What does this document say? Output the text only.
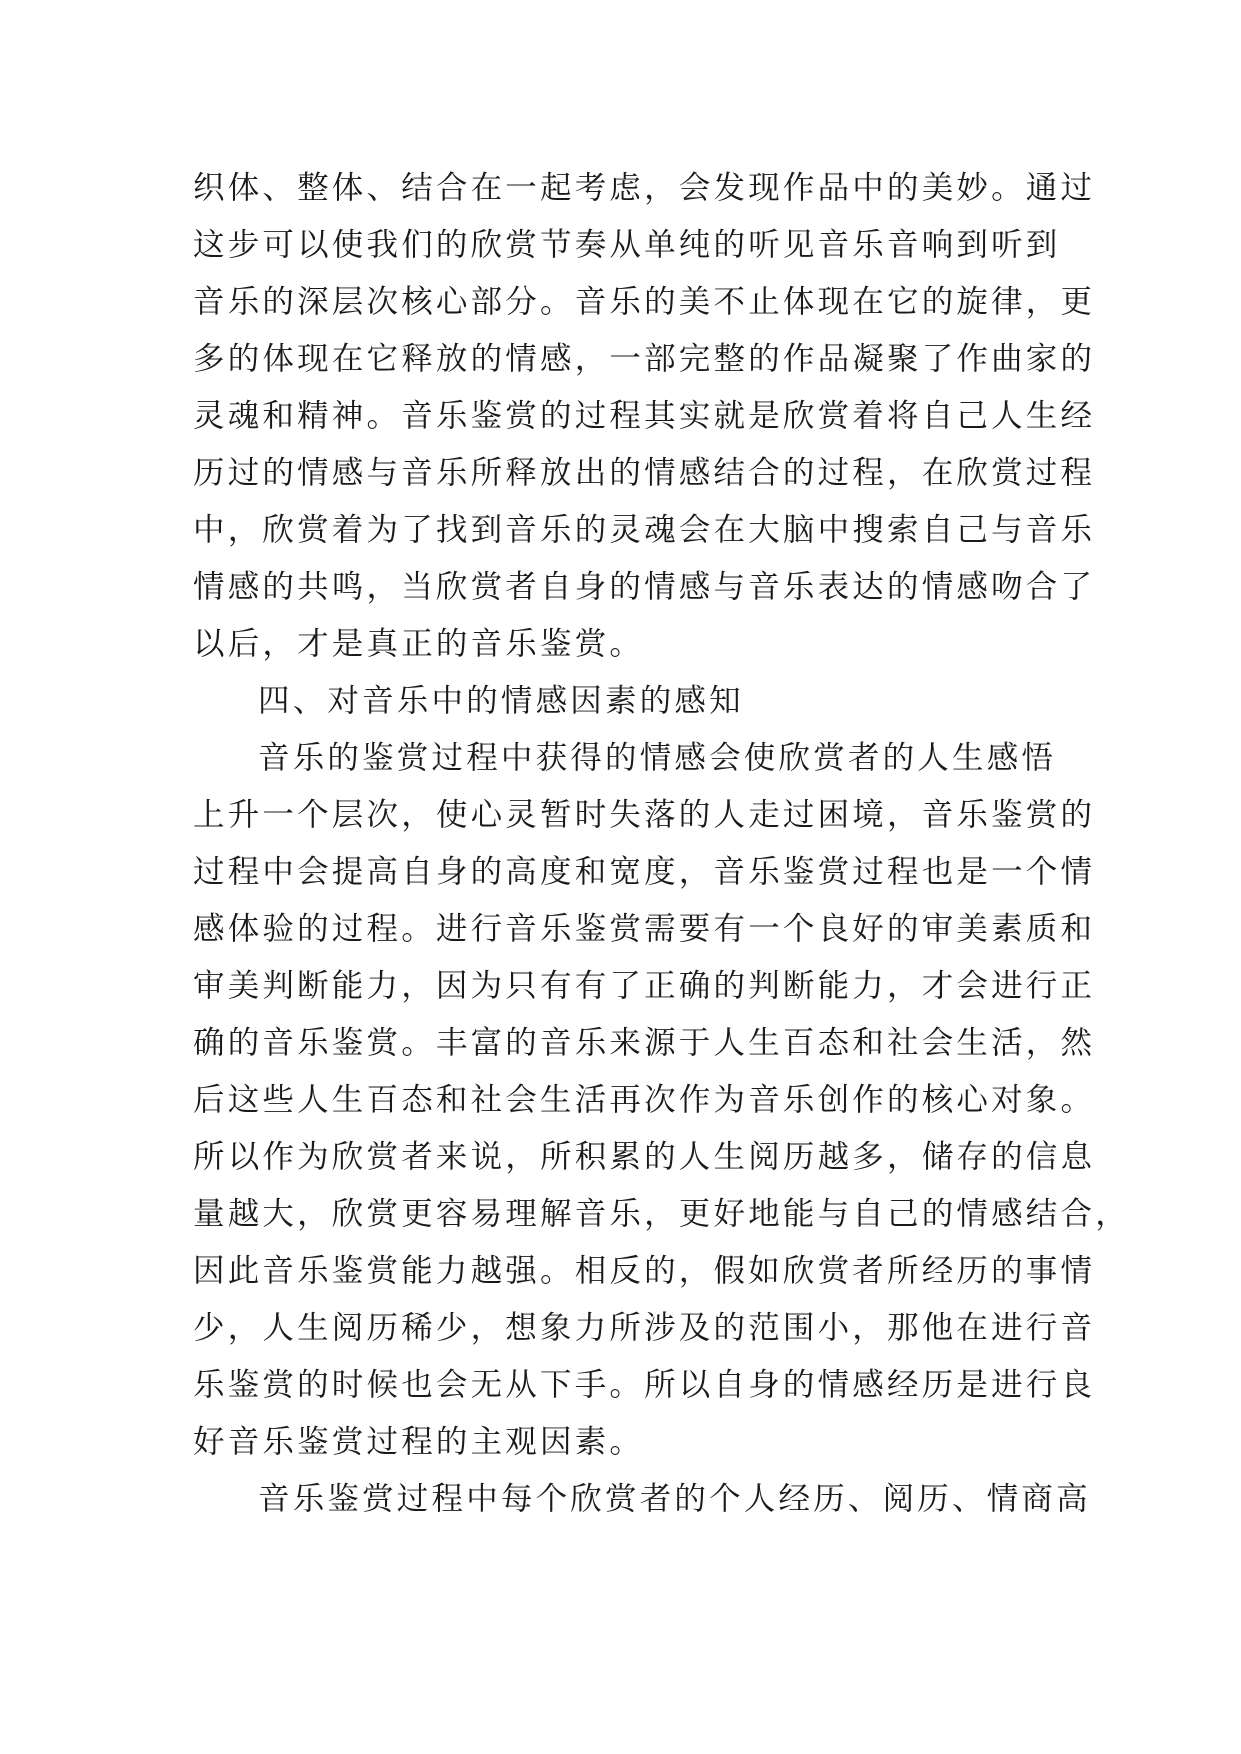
织体、整体、结合在一起考虑，会发现作品中的美妙。通过
这步可以使我们的欣赏节奏从单纯的听见音乐音响到听到
音乐的深层次核心部分。音乐的美不止体现在它的旋律，更
多的体现在它释放的情感，一部完整的作品凝聚了作曲家的
灵魂和精神。音乐鉴赏的过程其实就是欣赏着将自己人生经
历过的情感与音乐所释放出的情感结合的过程，在欣赏过程
中，欣赏着为了找到音乐的灵魂会在大脑中搜索自己与音乐
情感的共鸣，当欣赏者自身的情感与音乐表达的情感吻合了
以后，才是真正的音乐鉴赏。
四、对音乐中的情感因素的感知
音乐的鉴赏过程中获得的情感会使欣赏者的人生感悟
上升一个层次，使心灵暂时失落的人走过困境，音乐鉴赏的
过程中会提高自身的高度和宽度，音乐鉴赏过程也是一个情
感体验的过程。进行音乐鉴赏需要有一个良好的审美素质和
审美判断能力，因为只有有了正确的判断能力，才会进行正
确的音乐鉴赏。丰富的音乐来源于人生百态和社会生活，然
后这些人生百态和社会生活再次作为音乐创作的核心对象。
所以作为欣赏者来说，所积累的人生阅历越多，储存的信息
量越大，欣赏更容易理解音乐，更好地能与自己的情感结合，
因此音乐鉴赏能力越强。相反的，假如欣赏者所经历的事情
少，人生阅历稀少，想象力所涉及的范围小，那他在进行音
乐鉴赏的时候也会无从下手。所以自身的情感经历是进行良
好音乐鉴赏过程的主观因素。
音乐鉴赏过程中每个欣赏者的个人经历、阅历、情商高
